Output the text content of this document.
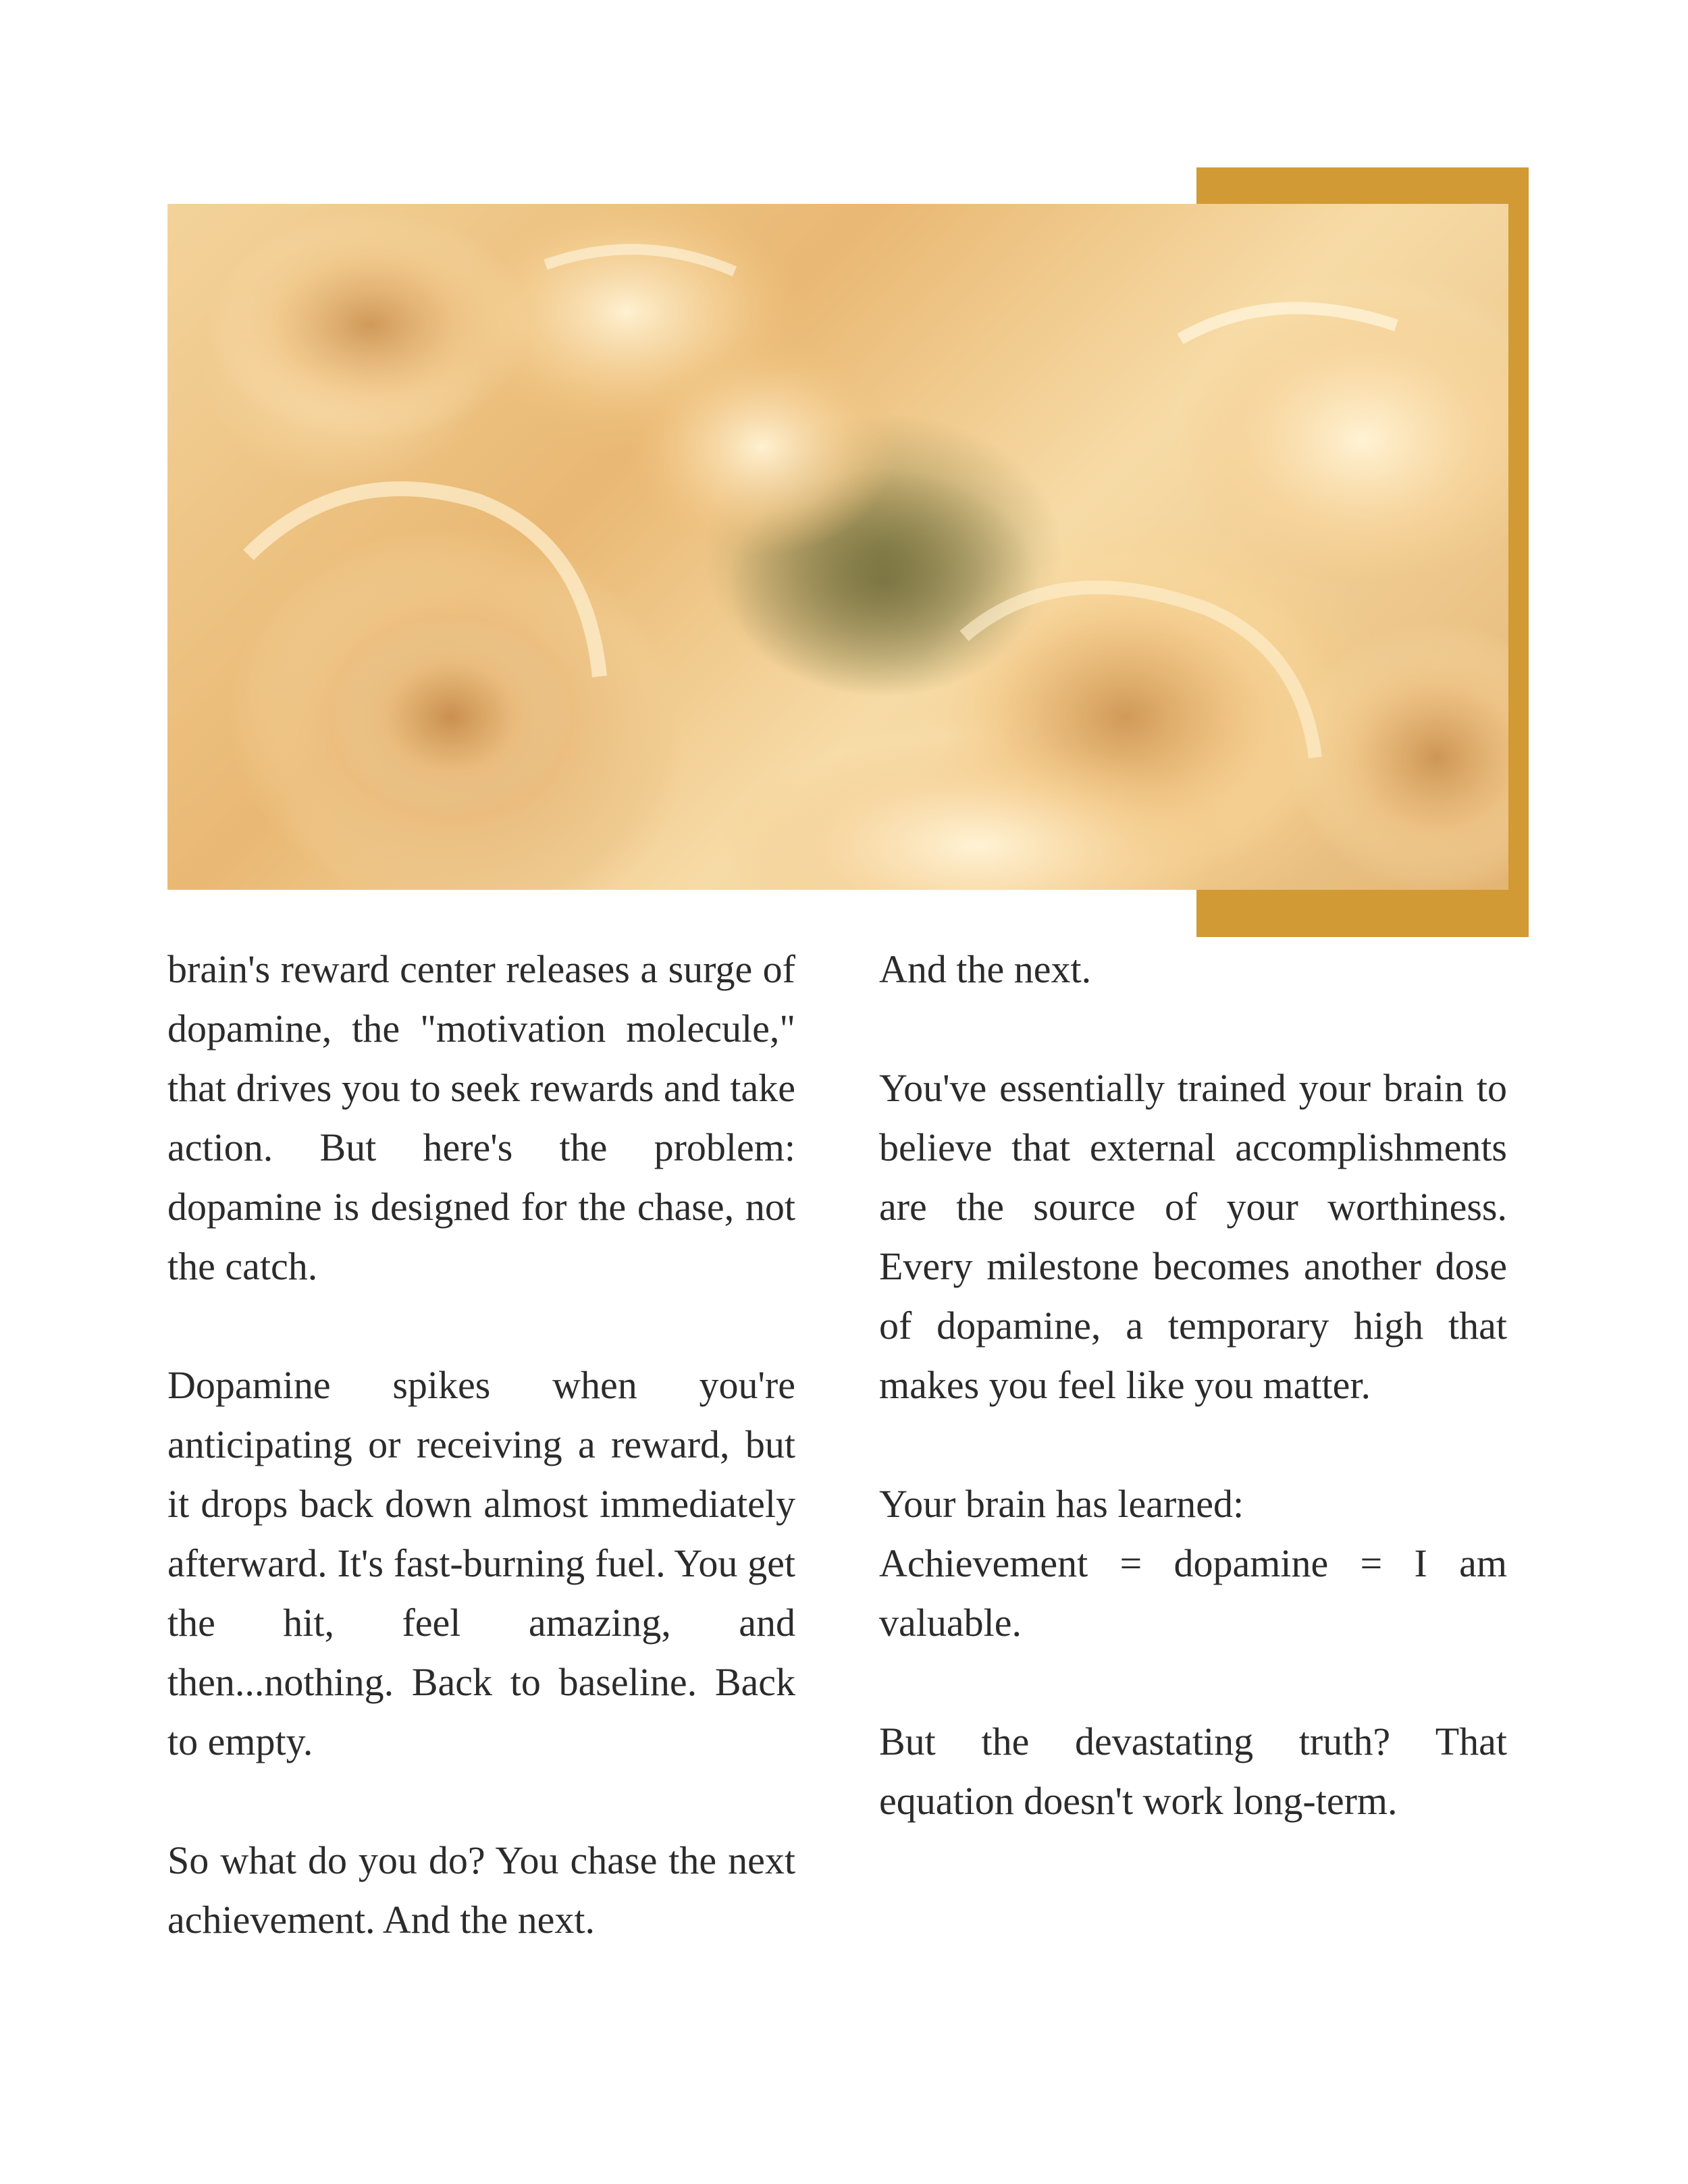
brain's reward center releases a surge of dopamine, the "motivation molecule," that drives you to seek rewards and take action. But here's the problem: dopamine is designed for the chase, not the catch.

Dopamine spikes when you're anticipating or receiving a reward, but it drops back down almost immediately afterward. It's fast-burning fuel. You get the hit, feel amazing, and then...nothing. Back to baseline. Back to empty.

So what do you do? You chase the next achievement. And the next.

And the next.

You've essentially trained your brain to believe that external accomplishments are the source of your worthiness. Every milestone becomes another dose of dopamine, a temporary high that makes you feel like you matter.

Your brain has learned:
Achievement = dopamine = I am valuable.

But the devastating truth? That equation doesn't work long-term.
